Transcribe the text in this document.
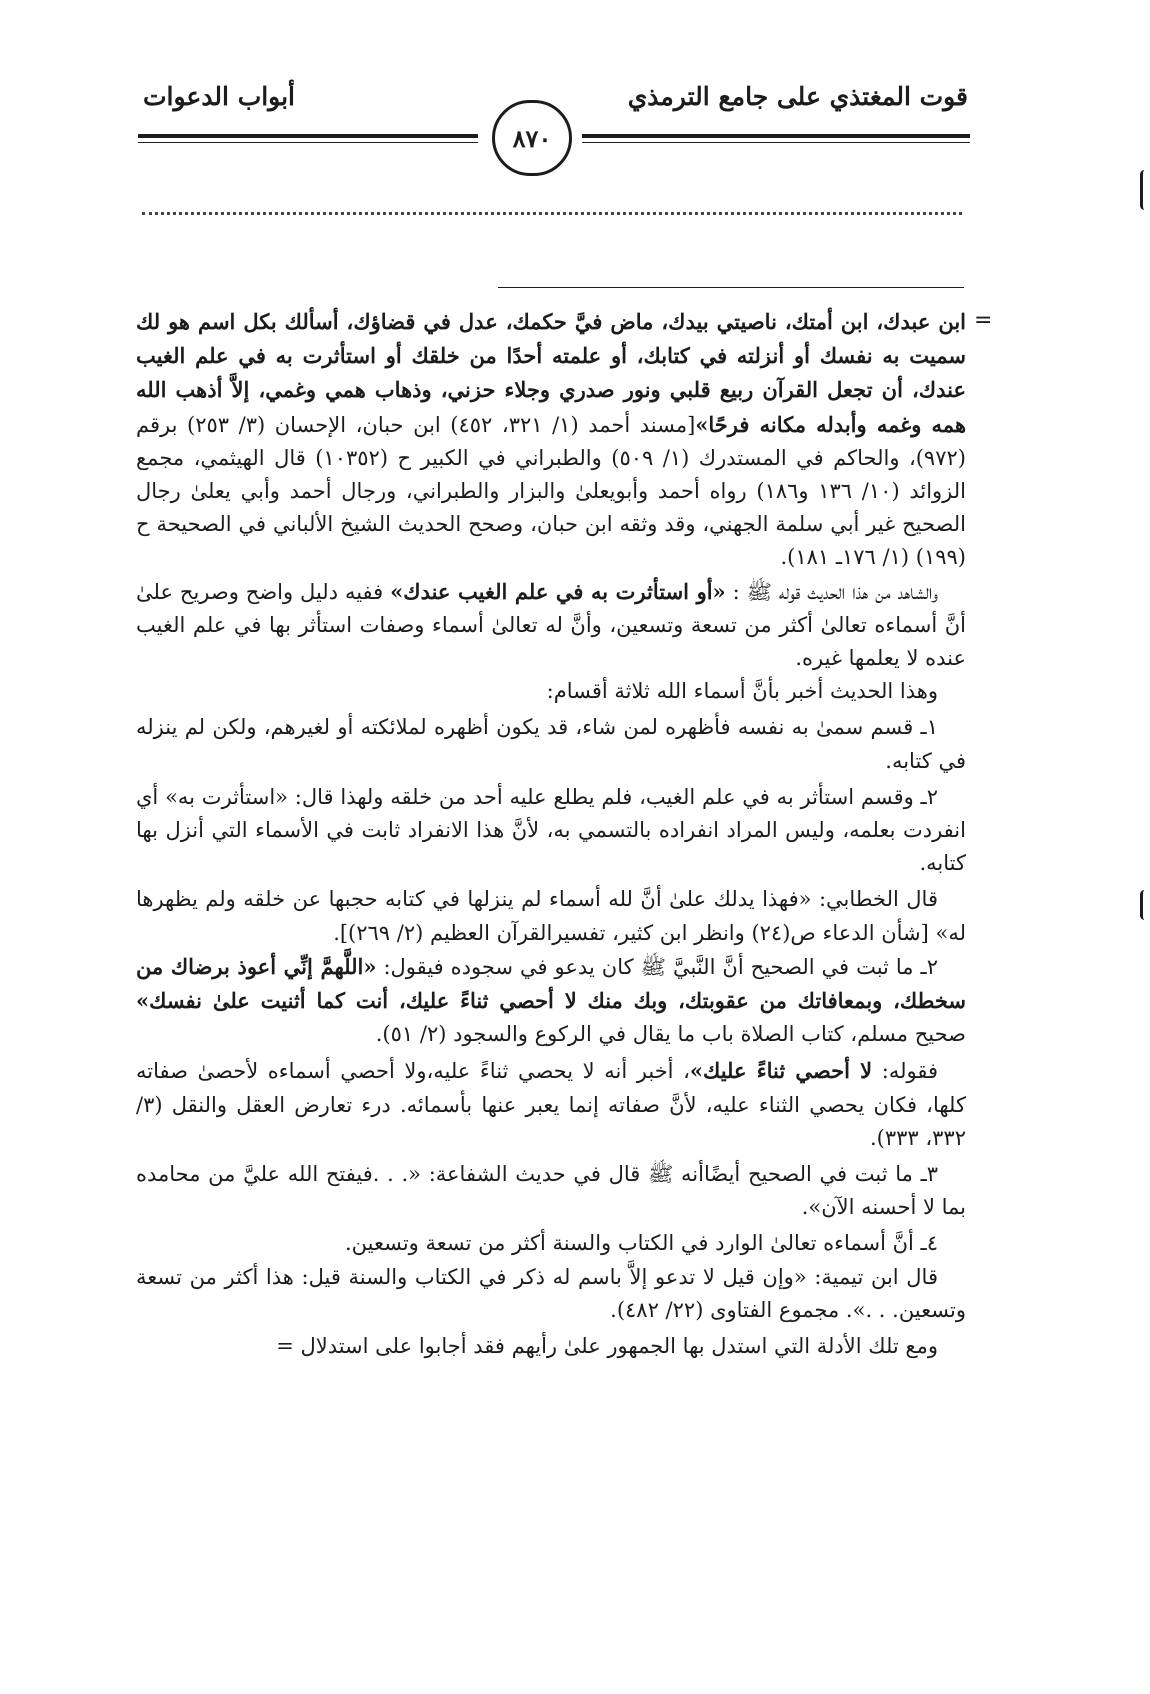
قوت المغتذي على جامع الترمذي
أبواب الدعوات
٨٧٠
=

ابن عبدك، ابن أمتك، ناصيتي بيدك، ماض فيَّ حكمك، عدل في قضاؤك، أسألك بكل اسم هو لك سميت به نفسك أو أنزلته في كتابك، أو علمته أحدًا من خلقك أو استأثرت به في علم الغيب عندك، أن تجعل القرآن ربيع قلبي ونور صدري وجلاء حزني، وذهاب همي وغمي، إلاَّ أذهب الله همه وغمه وأبدله مكانه فرحًا»[مسند أحمد (١/ ٣٢١، ٤٥٢) ابن حبان، الإحسان (٣/ ٢٥٣) برقم (٩٧٢)، والحاكم في المستدرك (١/ ٥٠٩) والطبراني في الكبير ح (١٠٣٥٢) قال الهيثمي، مجمع الزوائد (١٠/ ١٣٦ و١٨٦) رواه أحمد وأبويعلىٰ والبزار والطبراني، ورجال أحمد وأبي يعلىٰ رجال الصحيح غير أبي سلمة الجهني، وقد وثقه ابن حبان، وصحح الحديث الشيخ الألباني في الصحيحة ح (١٩٩) (١/ ١٧٦ـ ١٨١).

والشاهد من هذا الحديث قوله ﷺ : «أو استأثرت به في علم الغيب عندك» ففيه دليل واضح وصريح علىٰ أنَّ أسماءه تعالىٰ أكثر من تسعة وتسعين، وأنَّ له تعالىٰ أسماء وصفات استأثر بها في علم الغيب عنده لا يعلمها غيره.

وهذا الحديث أخبر بأنَّ أسماء الله ثلاثة أقسام:

١ـ قسم سمىٰ به نفسه فأظهره لمن شاء، قد يكون أظهره لملائكته أو لغيرهم، ولكن لم ينزله في كتابه.

٢ـ وقسم استأثر به في علم الغيب، فلم يطلع عليه أحد من خلقه ولهذا قال: «استأثرت به» أي انفردت بعلمه، وليس المراد انفراده بالتسمي به، لأنَّ هذا الانفراد ثابت في الأسماء التي أنزل بها كتابه.

قال الخطابي: «فهذا يدلك علىٰ أنَّ لله أسماء لم ينزلها في كتابه حجبها عن خلقه ولم يظهرها له» [شأن الدعاء ص(٢٤) وانظر ابن كثير، تفسيرالقرآن العظيم (٢/ ٢٦٩)].

٢ـ ما ثبت في الصحيح أنَّ النَّبيَّ ﷺ كان يدعو في سجوده فيقول: «اللَّهمَّ إنِّي أعوذ برضاك من سخطك، وبمعافاتك من عقوبتك، وبك منك لا أحصي ثناءً عليك، أنت كما أثنيت علىٰ نفسك» صحيح مسلم، كتاب الصلاة باب ما يقال في الركوع والسجود (٢/ ٥١).

فقوله: لا أحصي ثناءً عليك»، أخبر أنه لا يحصي ثناءً عليه،ولا أحصي أسماءه لأحصىٰ صفاته كلها، فكان يحصي الثناء عليه، لأنَّ صفاته إنما يعبر عنها بأسمائه. درء تعارض العقل والنقل (٣/ ٣٣٢، ٣٣٣).

٣ـ ما ثبت في الصحيح أيضًاأنه ﷺ قال في حديث الشفاعة: «. . .فيفتح الله عليَّ من محامده بما لا أحسنه الآن».

٤ـ أنَّ أسماءه تعالىٰ الوارد في الكتاب والسنة أكثر من تسعة وتسعين.

قال ابن تيمية: «وإن قيل لا تدعو إلاَّ باسم له ذكر في الكتاب والسنة قيل: هذا أكثر من تسعة وتسعين. . .». مجموع الفتاوى (٢٢/ ٤٨٢).

ومع تلك الأدلة التي استدل بها الجمهور علىٰ رأيهم فقد أجابوا على استدلال =
